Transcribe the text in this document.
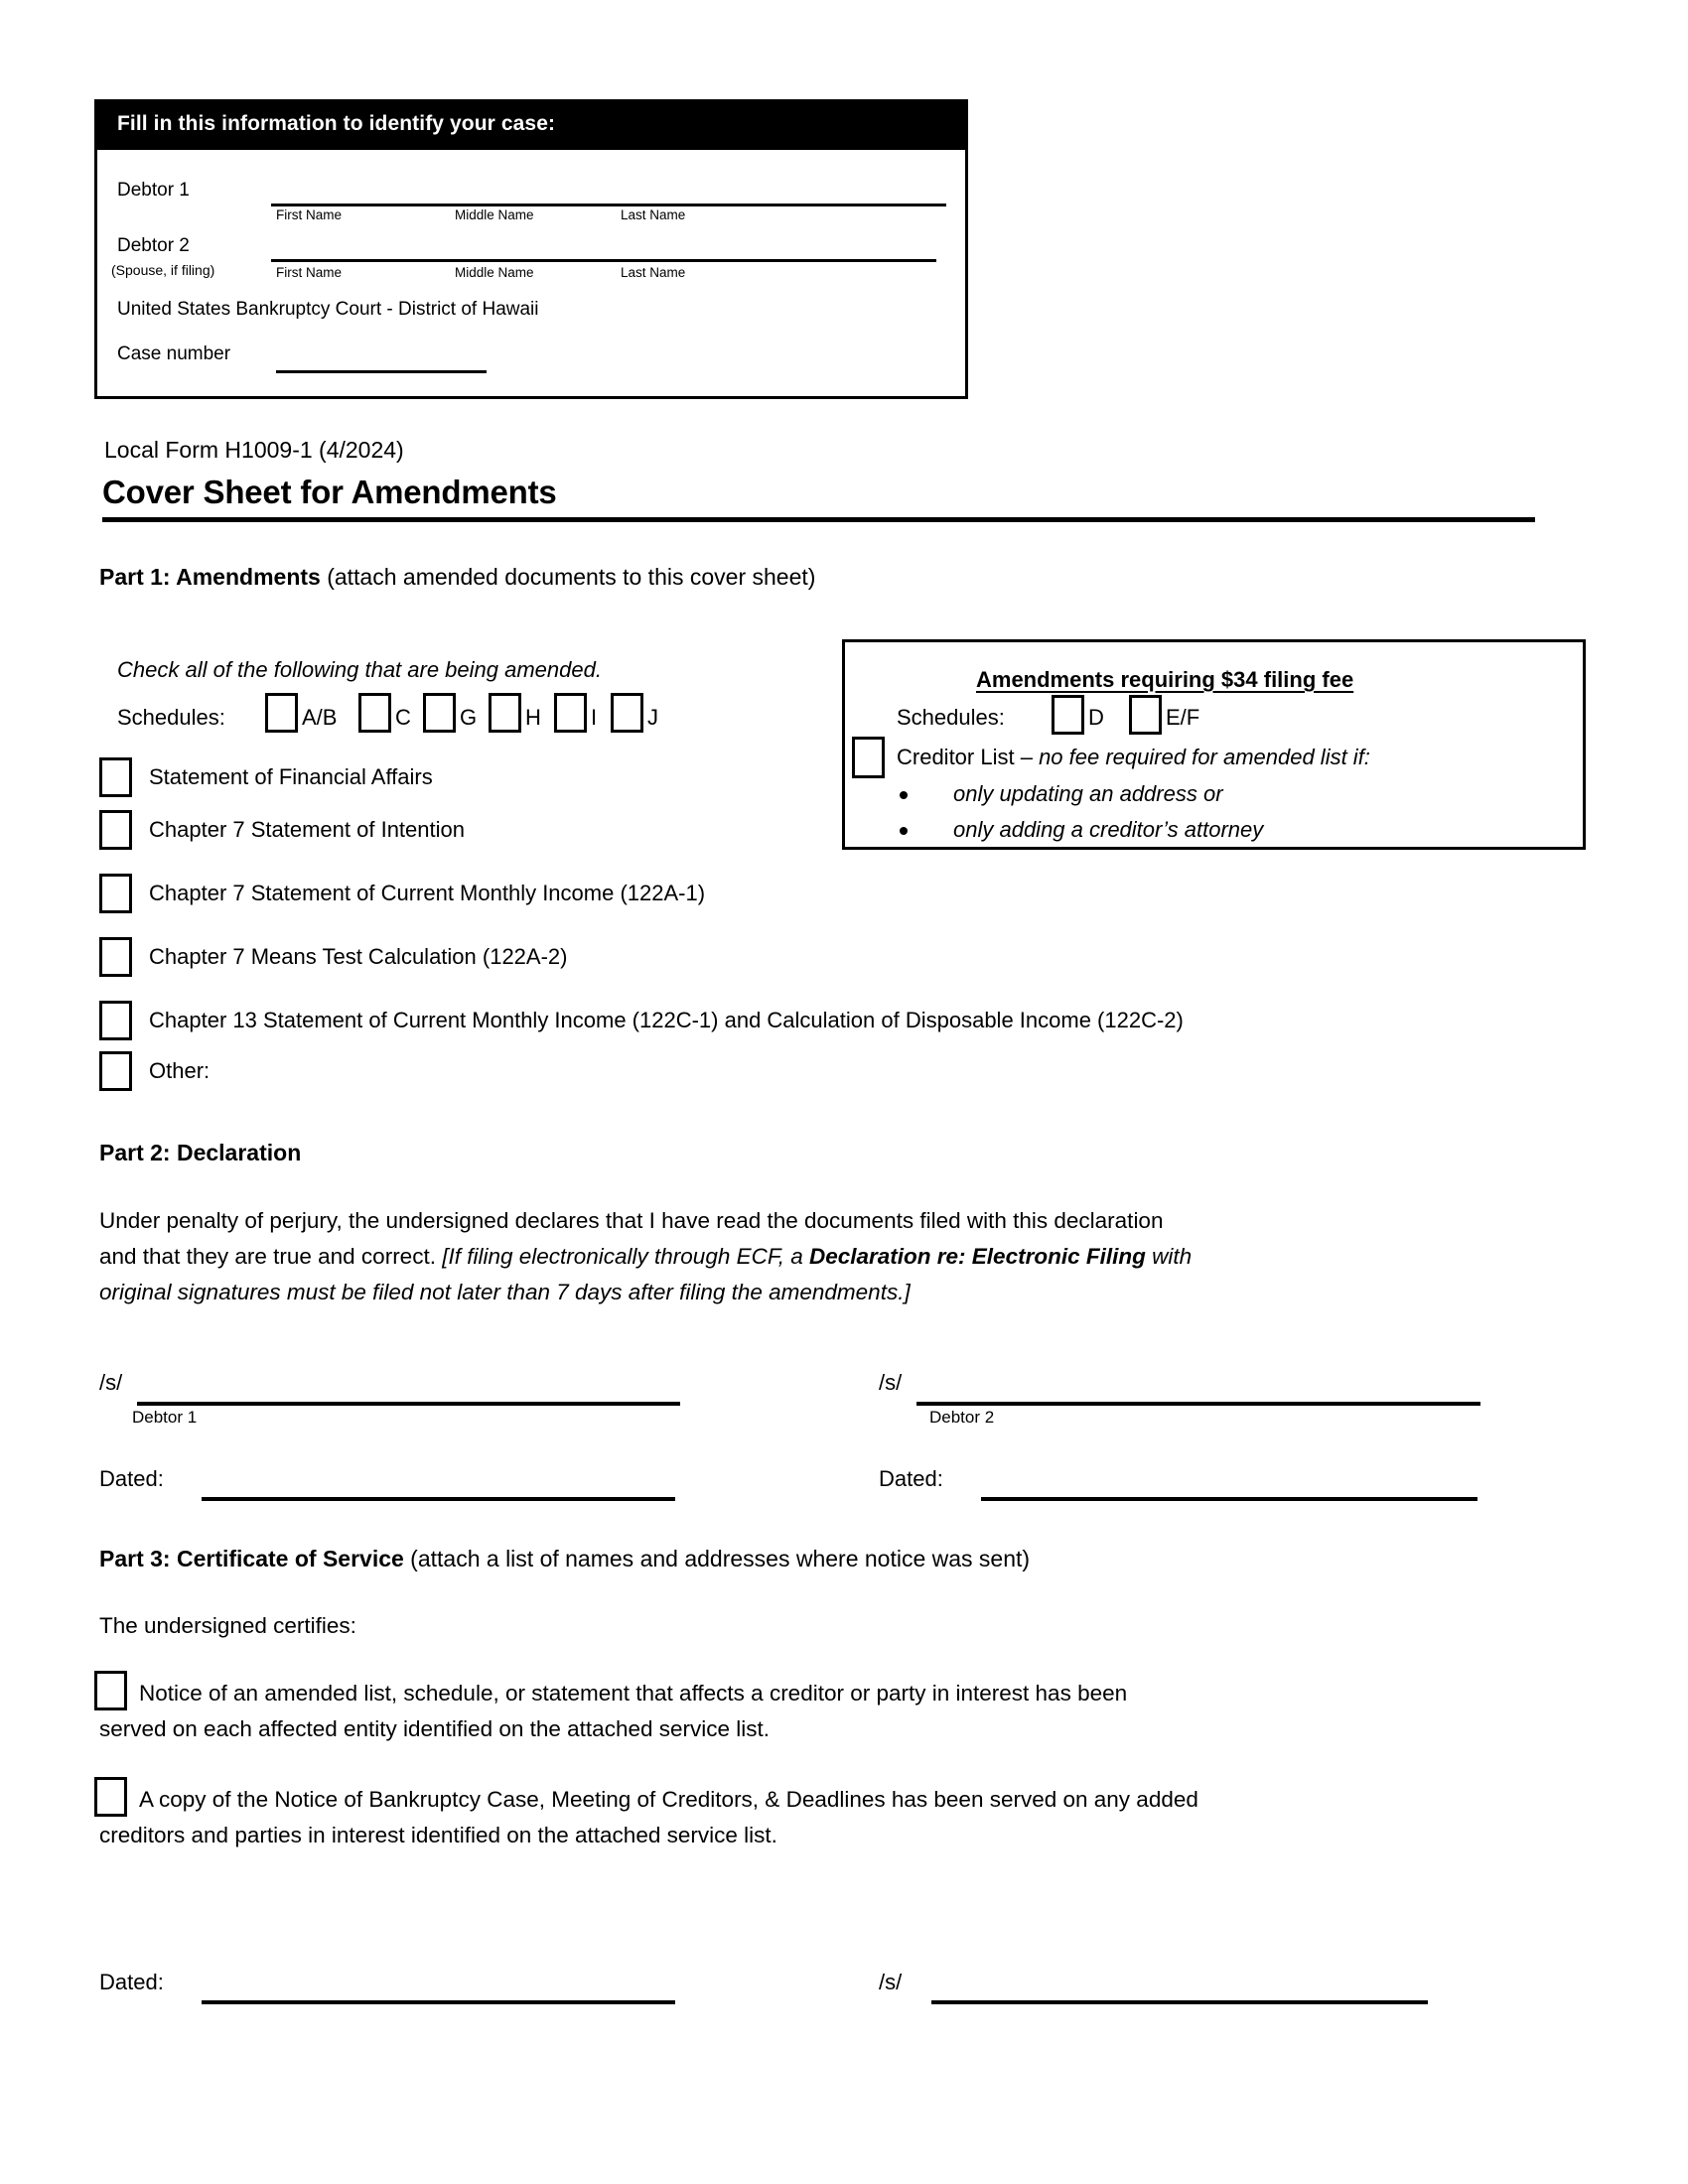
Fill in this information to identify your case:
Debtor 1
First Name	Middle Name	Last Name
Debtor 2
(Spouse, if filing)	First Name	Middle Name	Last Name
United States Bankruptcy Court - District of Hawaii
Case number
Local Form H1009-1 (4/2024)
Cover Sheet for Amendments
Part 1: Amendments (attach amended documents to this cover sheet)
Check all of the following that are being amended.
Schedules:	A/B	C G H I J
Statement of Financial Affairs
Chapter 7 Statement of Intention
Chapter 7 Statement of Current Monthly Income (122A-1)
Chapter 7 Means Test Calculation (122A-2)
Chapter 13 Statement of Current Monthly Income (122C-1) and Calculation of Disposable Income (122C-2)
Other:
Amendments requiring $34 filing fee
Schedules:	D	E/F
Creditor List – no fee required for amended list if:
only updating an address or
only adding a creditor’s attorney
Part 2: Declaration
Under penalty of perjury, the undersigned declares that I have read the documents filed with this declaration
and that they are true and correct. [If filing electronically through ECF, a Declaration re: Electronic Filing with
original signatures must be filed not later than 7 days after filing the amendments.]
/s/
Debtor 1
/s/
Debtor 2
Dated:	Dated:
Part 3: Certificate of Service (attach a list of names and addresses where notice was sent)
The undersigned certifies:
Notice of an amended list, schedule, or statement that affects a creditor or party in interest has been
served on each affected entity identified on the attached service list.
A copy of the Notice of Bankruptcy Case, Meeting of Creditors, & Deadlines has been served on any added
creditors and parties in interest identified on the attached service list.
Dated:	/s/
